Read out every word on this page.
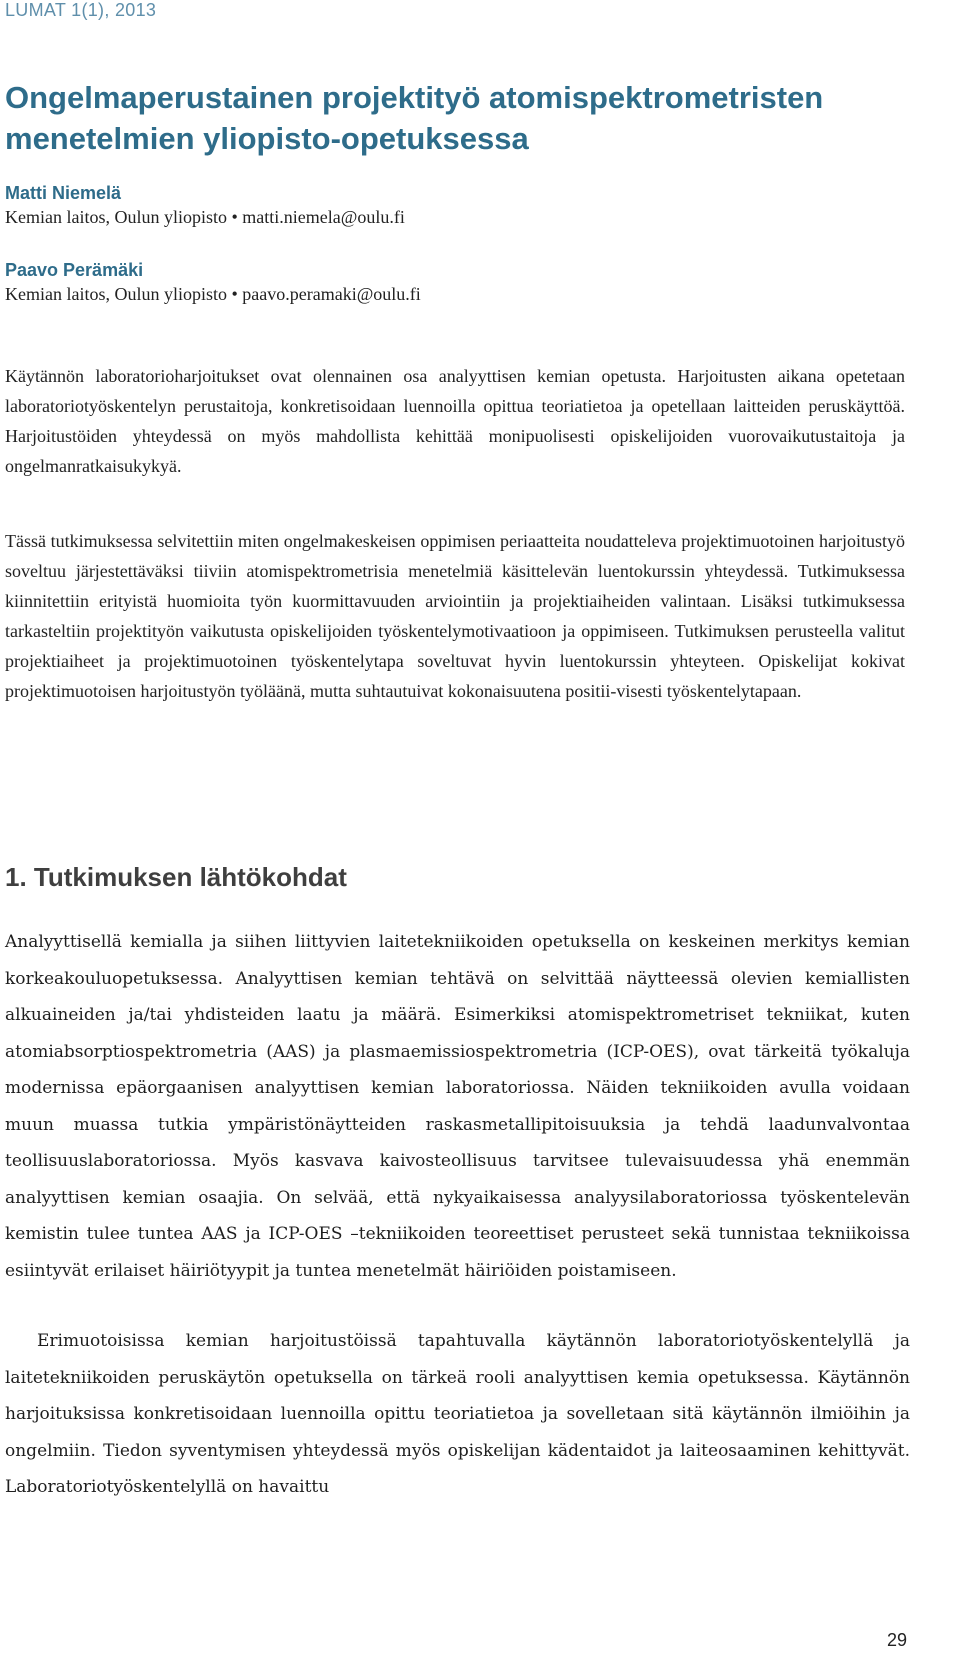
LUMAT 1(1), 2013
Ongelmaperustainen projektityö atomispektrometristen menetelmien yliopisto-opetuksessa
Matti Niemelä
Kemian laitos, Oulun yliopisto • matti.niemela@oulu.fi
Paavo Perämäki
Kemian laitos, Oulun yliopisto • paavo.peramaki@oulu.fi

Käytännön laboratorioharjoitukset ovat olennainen osa analyyttisen kemian opetusta. Harjoitusten aikana opetetaan laboratoriotyöskentelyn perustaitoja, konkretisoidaan luennoilla opittua teoriatietoa ja opetellaan laitteiden peruskäyttöä. Harjoitustöiden yhteydessä on myös mahdollista kehittää monipuolisesti opiskelijoiden vuorovaikutustaitoja ja ongelmanratkaisukykyä.

Tässä tutkimuksessa selvitettiin miten ongelmakeskeisen oppimisen periaatteita noudatteleva projektimuotoinen harjoitustyö soveltuu järjestettäväksi tiiviin atomispektrometrisia menetelmiä käsittelevän luentokurssin yhteydessä. Tutkimuksessa kiinnitettiin erityistä huomioita työn kuormittavuuden arviointiin ja projektiaiheiden valintaan. Lisäksi tutkimuksessa tarkasteltiin projektityön vaikutusta opiskelijoiden työskentelymotivaatioon ja oppimiseen. Tutkimuksen perusteella valitut projektiaiheet ja projektimuotoinen työskentelytapa soveltuvat hyvin luentokurssin yhteyteen. Opiskelijat kokivat projektimuotoisen harjoitustyön työläänä, mutta suhtautuivat kokonaisuutena positii-visesti työskentelytapaan.

1. Tutkimuksen lähtökohdat

Analyyttisellä kemialla ja siihen liittyvien laitetekniikoiden opetuksella on keskeinen merkitys kemian korkeakouluopetuksessa. Analyyttisen kemian tehtävä on selvittää näytteessä olevien kemiallisten alkuaineiden ja/tai yhdisteiden laatu ja määrä. Esimerkiksi atomispektrometriset tekniikat, kuten atomiabsorptiospektrometria (AAS) ja plasmaemissiospektrometria (ICP-OES), ovat tärkeitä työkaluja modernissa epäorgaanisen analyyttisen kemian laboratoriossa. Näiden tekniikoiden avulla voidaan muun muassa tutkia ympäristönäytteiden raskasmetallipitoisuuksia ja tehdä laadunvalvontaa teollisuuslaboratoriossa. Myös kasvava kaivosteollisuus tarvitsee tulevaisuudessa yhä enemmän analyyttisen kemian osaajia. On selvää, että nykyaikaisessa analyysilaboratoriossa työskentelevän kemistin tulee tuntea AAS ja ICP-OES –tekniikoiden teoreettiset perusteet sekä tunnistaa tekniikoissa esiintyvät erilaiset häiriötyypit ja tuntea menetelmät häiriöiden poistamiseen.

Erimuotoisissa kemian harjoitustöissä tapahtuvalla käytännön laboratoriotyöskentelyllä ja laitetekniikoiden peruskäytön opetuksella on tärkeä rooli analyyttisen kemia opetuksessa. Käytännön harjoituksissa konkretisoidaan luennoilla opittu teoriatietoa ja sovelletaan sitä käytännön ilmiöihin ja ongelmiin. Tiedon syventymisen yhteydessä myös opiskelijan kädentaidot ja laiteosaaminen kehittyvät. Laboratoriotyöskentelyllä on havaittu

29
